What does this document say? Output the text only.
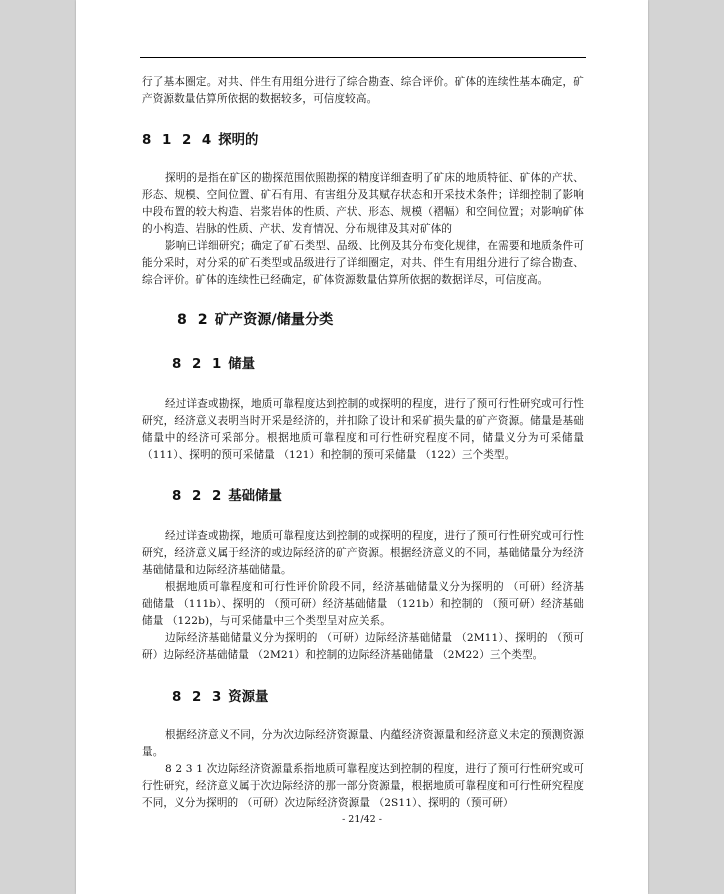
行了基本圈定。对共、伴生有用组分进行了综合勘查、综合评价。矿体的连续性基本确定，矿产资源数量估算所依据的数据较多，可信度较高。

8 1 2 4 探明的

探明的是指在矿区的勘探范围依照勘探的精度详细查明了矿床的地质特征、矿体的产状、形态、规模、空间位置、矿石有用、有害组分及其赋存状态和开采技术条件；详细控制了影响中段布置的较大构造、岩浆岩体的性质、产状、形态、规模（褶幅）和空间位置；对影响矿体的小构造、岩脉的性质、产状、发育情况、分布规律及其对矿体的

影响已详细研究；确定了矿石类型、品级、比例及其分布变化规律，在需要和地质条件可能分采时，对分采的矿石类型或品级进行了详细圈定，对共、伴生有用组分进行了综合勘查、综合评价。矿体的连续性已经确定，矿体资源数量估算所依据的数据详尽，可信度高。

8 2 矿产资源/储量分类
8 2 1 储量

经过详查或勘探，地质可靠程度达到控制的或探明的程度，进行了预可行性研究或可行性研究，经济意义表明当时开采是经济的，并扣除了设计和采矿损失量的矿产资源。储量是基础储量中的经济可采部分。根据地质可靠程度和可行性研究程度不同，储量义分为可采储量 （111）、探明的预可采储量 （121）和控制的预可采储量 （122）三个类型。

8 2 2 基础储量

经过详查或勘探，地质可靠程度达到控制的或探明的程度，进行了预可行性研究或可行性研究，经济意义属于经济的或边际经济的矿产资源。根据经济意义的不同，基础储量分为经济基础储量和边际经济基础储量。

根据地质可靠程度和可行性评价阶段不同，经济基础储量义分为探明的 （可研）经济基础储量 （111b）、探明的 （预可研）经济基础储量 （121b）和控制的 （预可研）经济基础储量 （122b)，与可采储量中三个类型呈对应关系。

边际经济基础储量义分为探明的 （可研）边际经济基础储量 （2M11）、探明的 （预可研）边际经济基础储量 （2M21）和控制的边际经济基础储量 （2M22）三个类型。

8 2 3 资源量

根据经济意义不同，分为次边际经济资源量、内蕴经济资源量和经济意义未定的预测资源量。

8 2 3 1 次边际经济资源量系指地质可靠程度达到控制的程度，进行了预可行性研究或可行性研究，经济意义属于次边际经济的那一部分资源量，根据地质可靠程度和可行性研究程度不同，义分为探明的 （可研）次边际经济资源量 （2S11）、探明的（预可研）

- 21/42 -
